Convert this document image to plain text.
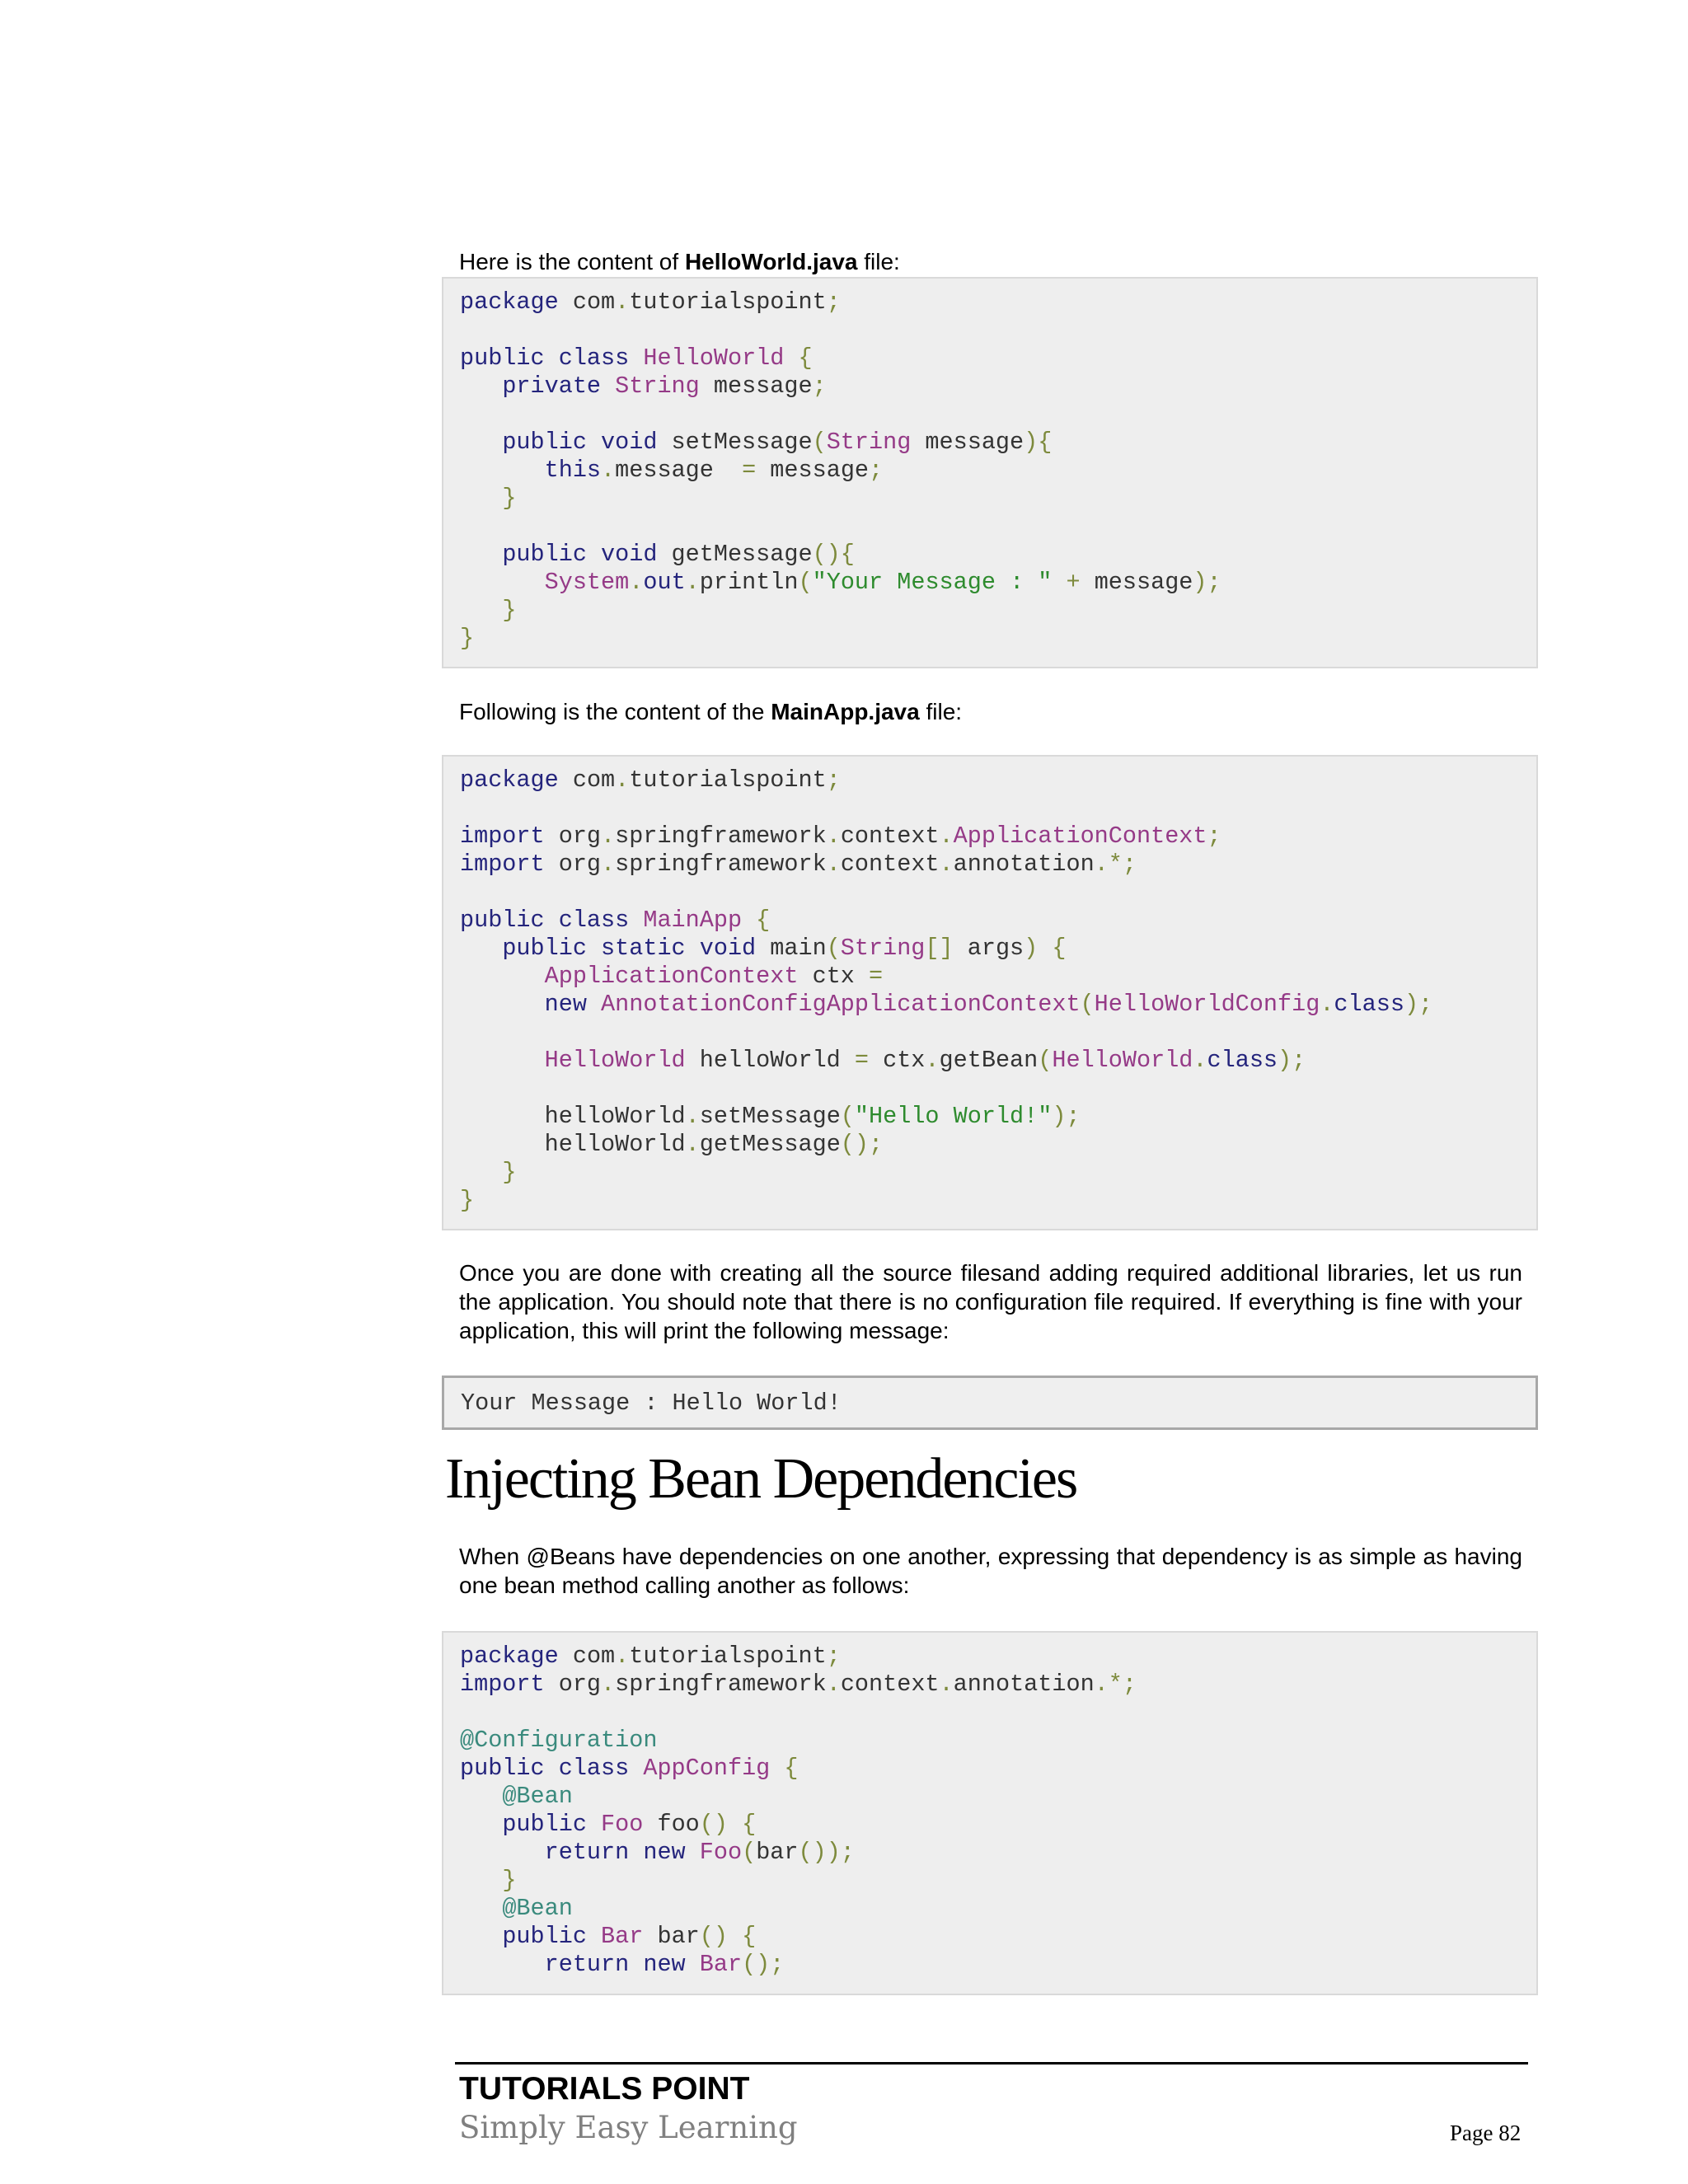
Here is the content of HelloWorld.java file:

package com.tutorialspoint;

public class HelloWorld {
private String message;

public void setMessage(String message){
this.message  = message;
}

public void getMessage(){
System.out.println("Your Message : " + message);
}
}

Following is the content of the MainApp.java file:

package com.tutorialspoint;

import org.springframework.context.ApplicationContext;
import org.springframework.context.annotation.*;

public class MainApp {
public static void main(String[] args) {
ApplicationContext ctx =
new AnnotationConfigApplicationContext(HelloWorldConfig.class);

HelloWorld helloWorld = ctx.getBean(HelloWorld.class);

helloWorld.setMessage("Hello World!");
helloWorld.getMessage();
}
}

Once you are done with creating all the source filesand adding required additional libraries, let us run the application. You should note that there is no configuration file required. If everything is fine with your application, this will print the following message:

Your Message : Hello World!
Injecting Bean Dependencies

When @Beans have dependencies on one another, expressing that dependency is as simple as having one bean method calling another as follows:

package com.tutorialspoint;
import org.springframework.context.annotation.*;

@Configuration
public class AppConfig {
@Bean
public Foo foo() {
return new Foo(bar());
}
@Bean
public Bar bar() {
return new Bar();
TUTORIALS POINT
Simply Easy Learning	Page 82
